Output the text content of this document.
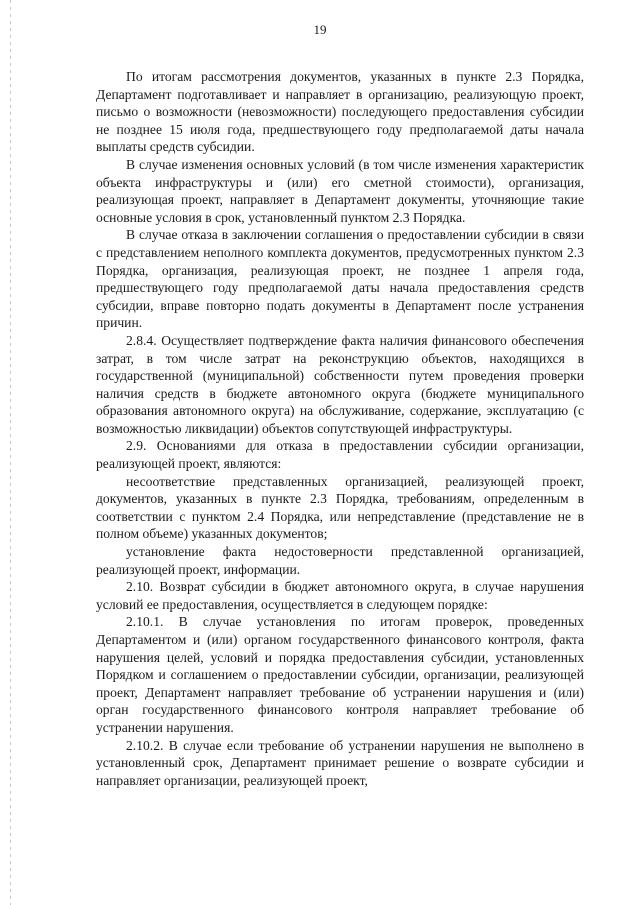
19

По итогам рассмотрения документов, указанных в пункте 2.3 Порядка, Департамент подготавливает и направляет в организацию, реализующую проект, письмо о возможности (невозможности) последующего предоставления субсидии не позднее 15 июля года, предшествующего году предполагаемой даты начала выплаты средств субсидии.

В случае изменения основных условий (в том числе изменения характеристик объекта инфраструктуры и (или) его сметной стоимости), организация, реализующая проект, направляет в Департамент документы, уточняющие такие основные условия в срок, установленный пунктом 2.3 Порядка.

В случае отказа в заключении соглашения о предоставлении субсидии в связи с представлением неполного комплекта документов, предусмотренных пунктом 2.3 Порядка, организация, реализующая проект, не позднее 1 апреля года, предшествующего году предполагаемой даты начала предоставления средств субсидии, вправе повторно подать документы в Департамент после устранения причин.

2.8.4. Осуществляет подтверждение факта наличия финансового обеспечения затрат, в том числе затрат на реконструкцию объектов, находящихся в государственной (муниципальной) собственности путем проведения проверки наличия средств в бюджете автономного округа (бюджете муниципального образования автономного округа) на обслуживание, содержание, эксплуатацию (с возможностью ликвидации) объектов сопутствующей инфраструктуры.

2.9. Основаниями для отказа в предоставлении субсидии организации, реализующей проект, являются:

несоответствие представленных организацией, реализующей проект, документов, указанных в пункте 2.3 Порядка, требованиям, определенным в соответствии с пунктом 2.4 Порядка, или непредставление (представление не в полном объеме) указанных документов;

установление факта недостоверности представленной организацией, реализующей проект, информации.

2.10. Возврат субсидии в бюджет автономного округа, в случае нарушения условий ее предоставления, осуществляется в следующем порядке:

2.10.1. В случае установления по итогам проверок, проведенных Департаментом и (или) органом государственного финансового контроля, факта нарушения целей, условий и порядка предоставления субсидии, установленных Порядком и соглашением о предоставлении субсидии, организации, реализующей проект, Департамент направляет требование об устранении нарушения и (или) орган государственного финансового контроля направляет требование об устранении нарушения.

2.10.2. В случае если требование об устранении нарушения не выполнено в установленный срок, Департамент принимает решение о возврате субсидии и направляет организации, реализующей проект,
